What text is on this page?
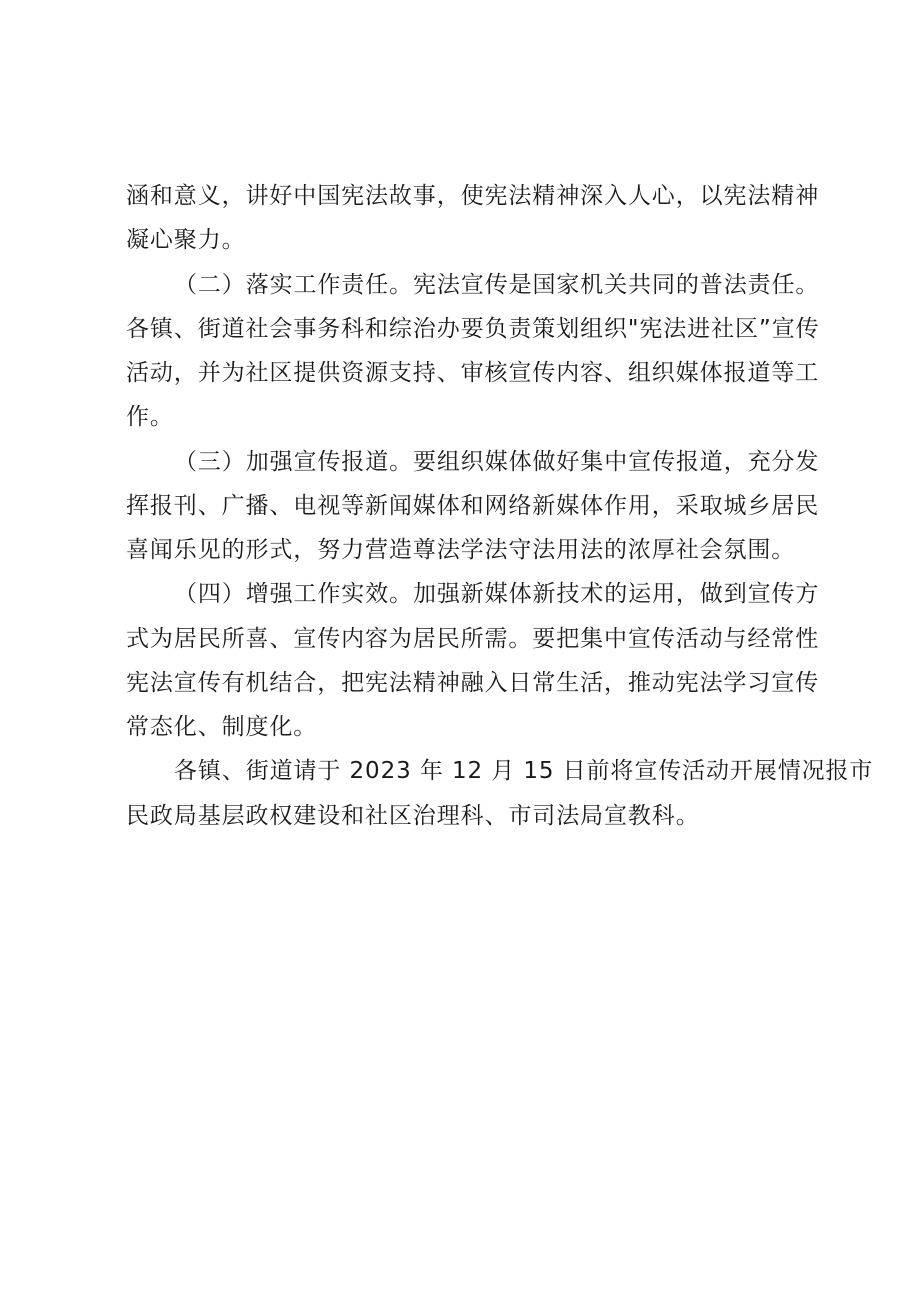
涵和意义，讲好中国宪法故事，使宪法精神深入人心，以宪法精神

凝心聚力。

（二）落实工作责任。宪法宣传是国家机关共同的普法责任。

各镇、街道社会事务科和综治办要负责策划组织"宪法进社区”宣传

活动，并为社区提供资源支持、审核宣传内容、组织媒体报道等工

作。

（三）加强宣传报道。要组织媒体做好集中宣传报道，充分发

挥报刊、广播、电视等新闻媒体和网络新媒体作用，采取城乡居民

喜闻乐见的形式，努力营造尊法学法守法用法的浓厚社会氛围。

（四）增强工作实效。加强新媒体新技术的运用，做到宣传方

式为居民所喜、宣传内容为居民所需。要把集中宣传活动与经常性

宪法宣传有机结合，把宪法精神融入日常生活，推动宪法学习宣传

常态化、制度化。

各镇、街道请于 2023 年 12 月 15 日前将宣传活动开展情况报市

民政局基层政权建设和社区治理科、市司法局宣教科。
